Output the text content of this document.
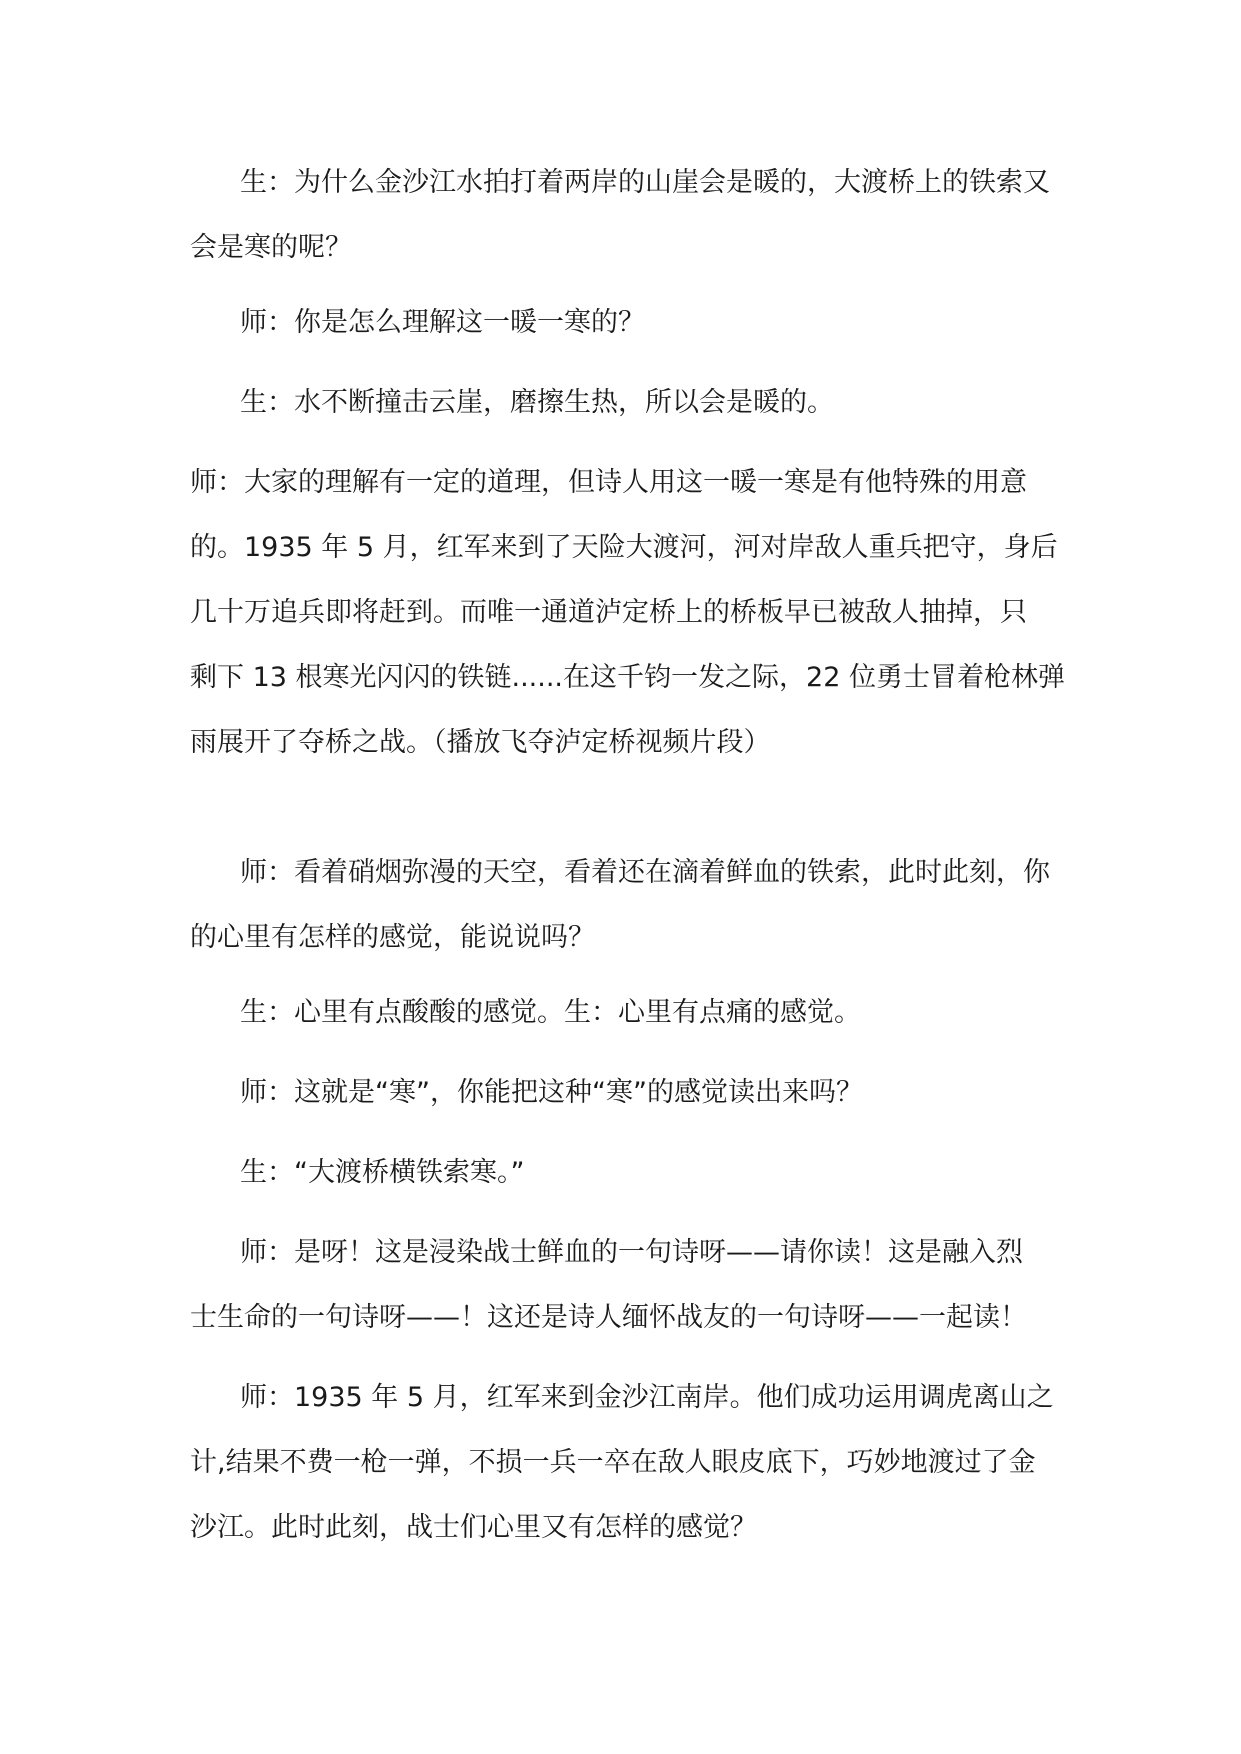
生：为什么金沙江水拍打着两岸的山崖会是暖的，大渡桥上的铁索又
会是寒的呢？
师：你是怎么理解这一暖一寒的？
生：水不断撞击云崖，磨擦生热，所以会是暖的。
师：大家的理解有一定的道理，但诗人用这一暖一寒是有他特殊的用意
的。1935 年 5 月，红军来到了天险大渡河，河对岸敌人重兵把守，身后
几十万追兵即将赶到。而唯一通道泸定桥上的桥板早已被敌人抽掉，只
剩下 13 根寒光闪闪的铁链......在这千钧一发之际，22 位勇士冒着枪林弹
雨展开了夺桥之战。（播放飞夺泸定桥视频片段）
师：看着硝烟弥漫的天空，看着还在滴着鲜血的铁索，此时此刻，你
的心里有怎样的感觉，能说说吗？
生：心里有点酸酸的感觉。生：心里有点痛的感觉。
师：这就是“寒”，你能把这种“寒”的感觉读出来吗？
生：“大渡桥横铁索寒。”
师：是呀！这是浸染战士鲜血的一句诗呀——请你读！这是融入烈
士生命的一句诗呀——！这还是诗人缅怀战友的一句诗呀——一起读！
师：1935 年 5 月，红军来到金沙江南岸。他们成功运用调虎离山之
计,结果不费一枪一弹，不损一兵一卒在敌人眼皮底下，巧妙地渡过了金
沙江。此时此刻，战士们心里又有怎样的感觉？
